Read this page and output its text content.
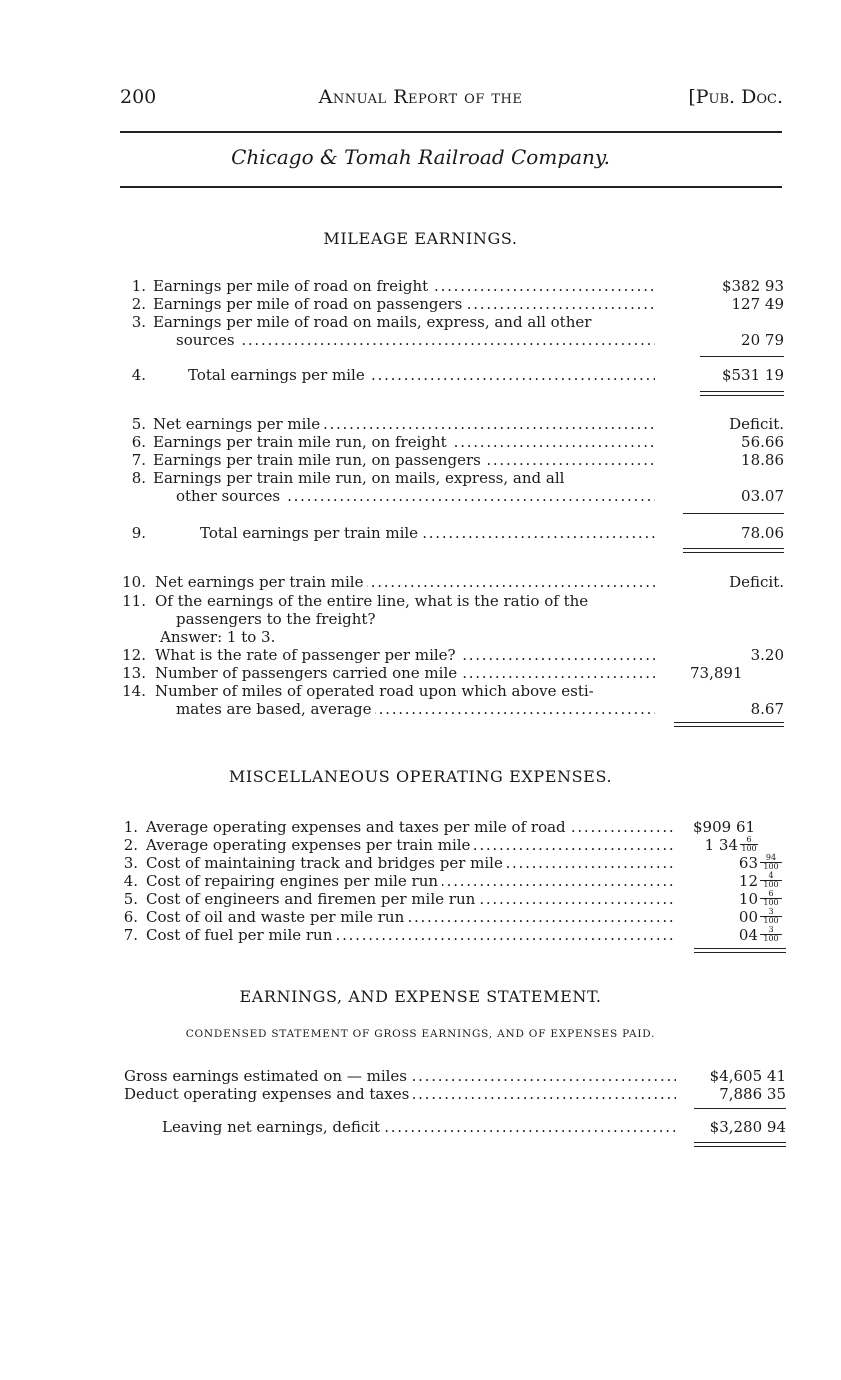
200	Annual Report of the	[Pub. Doc.
Chicago & Tomah Railroad Company.
MILEAGE EARNINGS.
1. Earnings per mile of road on freight . . .	$382 93
2. Earnings per mile of road on passengers . . .	127 49
3. Earnings per mile of road on mails, express, and all other
sources . . .	20 79
4.	Total earnings per mile . . .	$531 19
5. Net earnings per mile . . .	Deficit.
6. Earnings per train mile run, on freight . . .	56.66
7. Earnings per train mile run, on passengers . . .	18.86
8. Earnings per train mile run, on mails, express, and all
other sources . . .	03.07
9.	Total earnings per train mile . . .	78.06
10. Net earnings per train mile . . .	Deficit.
11. Of the earnings of the entire line, what is the ratio of the
passengers to the freight?
Answer: 1 to 3.
12. What is the rate of passenger per mile? . . .	3.20
13. Number of passengers carried one mile . . .	73,891
14. Number of miles of operated road upon which above esti-
mates are based, average . . .	8.67
MISCELLANEOUS OPERATING EXPENSES.
1. Average operating expenses and taxes per mile of road . . .	$909 61
2. Average operating expenses per train mile . . .	1 $34 \frac{6}{100}$
3. Cost of maintaining track and bridges per mile . . .	$63 \frac{94}{100}$
4. Cost of repairing engines per mile run . . .	$12 \frac{4}{100}$
5. Cost of engineers and firemen per mile run . . .	$10 \frac{6}{100}$
6. Cost of oil and waste per mile run . . .	$00 \frac{3}{100}$
7. Cost of fuel per mile run . . .	$04 \frac{3}{100}$
EARNINGS, AND EXPENSE STATEMENT.
CONDENSED STATEMENT OF GROSS EARNINGS, AND OF EXPENSES PAID.
Gross earnings estimated on — miles . . .	$4,605 41
Deduct operating expenses and taxes . . .	7,886 35
Leaving net earnings, deficit . . .	$3,280 94
